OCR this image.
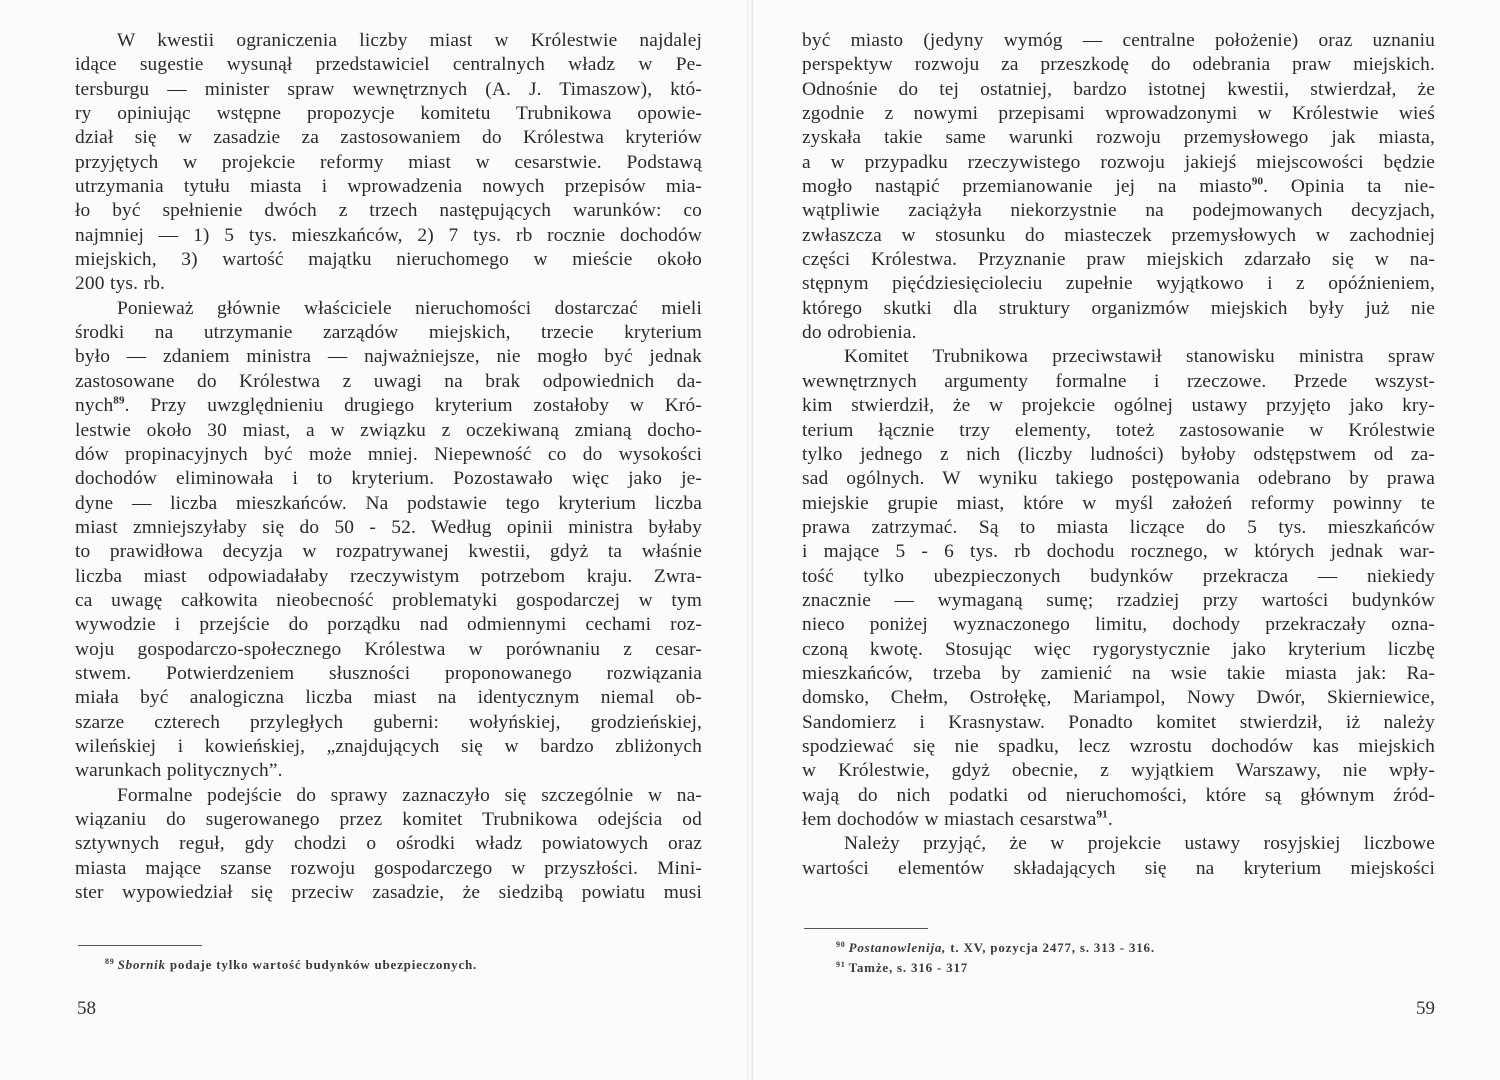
W kwestii ograniczenia liczby miast w Królestwie najdalej
idące sugestie wysunął przedstawiciel centralnych władz w Pe-
tersburgu — minister spraw wewnętrznych (A. J. Timaszow), któ-
ry opiniując wstępne propozycje komitetu Trubnikowa opowie-
dział się w zasadzie za zastosowaniem do Królestwa kryteriów
przyjętych w projekcie reformy miast w cesarstwie. Podstawą
utrzymania tytułu miasta i wprowadzenia nowych przepisów mia-
ło być spełnienie dwóch z trzech następujących warunków: co
najmniej — 1) 5 tys. mieszkańców, 2) 7 tys. rb rocznie dochodów
miejskich, 3) wartość majątku nieruchomego w mieście około
200 tys. rb.
Ponieważ głównie właściciele nieruchomości dostarczać mieli
środki na utrzymanie zarządów miejskich, trzecie kryterium
było — zdaniem ministra — najważniejsze, nie mogło być jednak
zastosowane do Królestwa z uwagi na brak odpowiednich da-
nych$^{89}$. Przy uwzględnieniu drugiego kryterium zostałoby w Kró-
lestwie około 30 miast, a w związku z oczekiwaną zmianą docho-
dów propinacyjnych być może mniej. Niepewność co do wysokości
dochodów eliminowała i to kryterium. Pozostawało więc jako je-
dyne — liczba mieszkańców. Na podstawie tego kryterium liczba
miast zmniejszyłaby się do 50 - 52. Według opinii ministra byłaby
to prawidłowa decyzja w rozpatrywanej kwestii, gdyż ta właśnie
liczba miast odpowiadałaby rzeczywistym potrzebom kraju. Zwra-
ca uwagę całkowita nieobecność problematyki gospodarczej w tym
wywodzie i przejście do porządku nad odmiennymi cechami roz-
woju gospodarczo-społecznego Królestwa w porównaniu z cesar-
stwem. Potwierdzeniem słuszności proponowanego rozwiązania
miała być analogiczna liczba miast na identycznym niemal ob-
szarze czterech przyległych guberni: wołyńskiej, grodzieńskiej,
wileńskiej i kowieńskiej, „znajdujących się w bardzo zbliżonych
warunkach politycznych”.
Formalne podejście do sprawy zaznaczyło się szczególnie w na-
wiązaniu do sugerowanego przez komitet Trubnikowa odejścia od
sztywnych reguł, gdy chodzi o ośrodki władz powiatowych oraz
miasta mające szanse rozwoju gospodarczego w przyszłości. Mini-
ster wypowiedział się przeciw zasadzie, że siedzibą powiatu musi
$^{89}$ Sbornik podaje tylko wartość budynków ubezpieczonych.
58
być miasto (jedyny wymóg — centralne położenie) oraz uznaniu
perspektyw rozwoju za przeszkodę do odebrania praw miejskich.
Odnośnie do tej ostatniej, bardzo istotnej kwestii, stwierdzał, że
zgodnie z nowymi przepisami wprowadzonymi w Królestwie wieś
zyskała takie same warunki rozwoju przemysłowego jak miasta,
a w przypadku rzeczywistego rozwoju jakiejś miejscowości będzie
mogło nastąpić przemianowanie jej na miasto$^{90}$. Opinia ta nie-
wątpliwie zaciążyła niekorzystnie na podejmowanych decyzjach,
zwłaszcza w stosunku do miasteczek przemysłowych w zachodniej
części Królestwa. Przyznanie praw miejskich zdarzało się w na-
stępnym pięćdziesięcioleciu zupełnie wyjątkowo i z opóźnieniem,
którego skutki dla struktury organizmów miejskich były już nie
do odrobienia.
Komitet Trubnikowa przeciwstawił stanowisku ministra spraw
wewnętrznych argumenty formalne i rzeczowe. Przede wszyst-
kim stwierdził, że w projekcie ogólnej ustawy przyjęto jako kry-
terium łącznie trzy elementy, toteż zastosowanie w Królestwie
tylko jednego z nich (liczby ludności) byłoby odstępstwem od za-
sad ogólnych. W wyniku takiego postępowania odebrano by prawa
miejskie grupie miast, które w myśl założeń reformy powinny te
prawa zatrzymać. Są to miasta liczące do 5 tys. mieszkańców
i mające 5 - 6 tys. rb dochodu rocznego, w których jednak war-
tość tylko ubezpieczonych budynków przekracza — niekiedy
znacznie — wymaganą sumę; rzadziej przy wartości budynków
nieco poniżej wyznaczonego limitu, dochody przekraczały ozna-
czoną kwotę. Stosując więc rygorystycznie jako kryterium liczbę
mieszkańców, trzeba by zamienić na wsie takie miasta jak: Ra-
domsko, Chełm, Ostrołękę, Mariampol, Nowy Dwór, Skierniewice,
Sandomierz i Krasnystaw. Ponadto komitet stwierdził, iż należy
spodziewać się nie spadku, lecz wzrostu dochodów kas miejskich
w Królestwie, gdyż obecnie, z wyjątkiem Warszawy, nie wpły-
wają do nich podatki od nieruchomości, które są głównym źród-
łem dochodów w miastach cesarstwa$^{91}$.
Należy przyjąć, że w projekcie ustawy rosyjskiej liczbowe
wartości elementów składających się na kryterium miejskości
$^{90}$ Postanowlenija, t. XV, pozycja 2477, s. 313 - 316.
$^{91}$ Tamże, s. 316 - 317
59
